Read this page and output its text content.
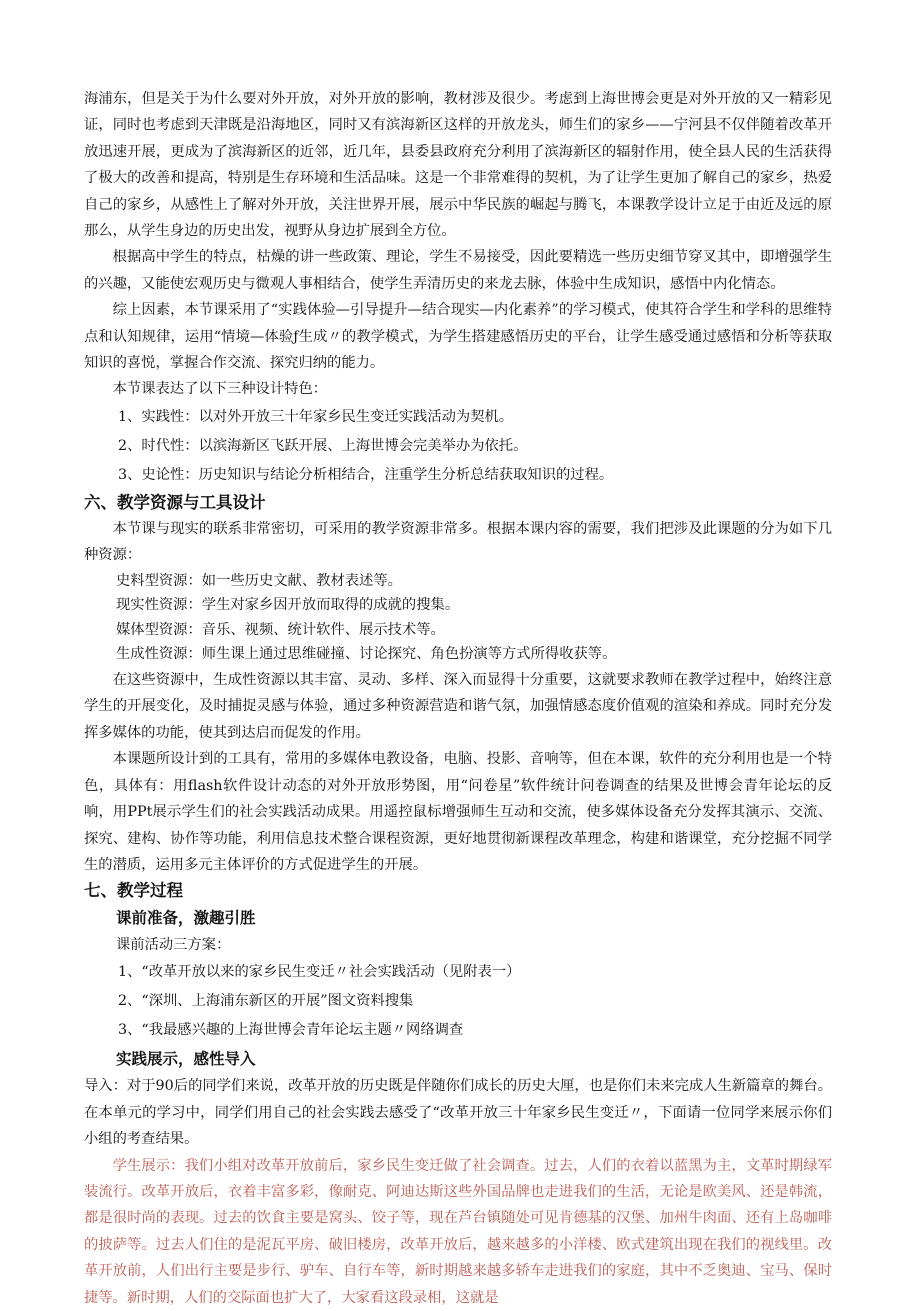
海浦东，但是关于为什么要对外开放，对外开放的影响，教材涉及很少。考虑到上海世博会更是对外开放的又一精彩见证，同时也考虑到天津既是沿海地区，同时又有滨海新区这样的开放龙头，师生们的家乡——宁河县不仅伴随着改革开放迅速开展，更成为了滨海新区的近邻，近几年，县委县政府充分利用了滨海新区的辐射作用，使全县人民的生活获得了极大的改善和提高，特别是生存环境和生活品味。这是一个非常难得的契机，为了让学生更加了解自己的家乡，热爱自己的家乡，从感性上了解对外开放，关注世界开展，展示中华民族的崛起与腾飞，本课教学设计立足于由近及远的原那么，从学生身边的历史出发，视野从身边扩展到全方位。

根据高中学生的特点，枯燥的讲一些政策、理论，学生不易接受，因此要精选一些历史细节穿叉其中，即增强学生的兴趣，又能使宏观历史与微观人事相结合，使学生弄清历史的来龙去脉，体验中生成知识，感悟中内化情态。

综上因素，本节课采用了“实践体验—引导提升—结合现实—内化素养”的学习模式，使其符合学生和学科的思维特点和认知规律，运用“情境—体验ƒ生成〃的教学模式，为学生搭建感悟历史的平台，让学生感受通过感悟和分析等获取知识的喜悦，掌握合作交流、探究归纳的能力。

本节课表达了以下三种设计特色：

1、实践性：以对外开放三十年家乡民生变迁实践活动为契机。

2、时代性：以滨海新区飞跃开展、上海世博会完美举办为依托。

3、史论性：历史知识与结论分析相结合，注重学生分析总结获取知识的过程。

六、教学资源与工具设计

本节课与现实的联系非常密切，可采用的教学资源非常多。根据本课内容的需要，我们把涉及此课题的分为如下几种资源：

史料型资源：如一些历史文献、教材表述等。

现实性资源：学生对家乡因开放而取得的成就的搜集。

媒体型资源：音乐、视频、统计软件、展示技术等。

生成性资源：师生课上通过思维碰撞、讨论探究、角色扮演等方式所得收获等。

在这些资源中，生成性资源以其丰富、灵动、多样、深入而显得十分重要，这就要求教师在教学过程中，始终注意学生的开展变化，及时捕捉灵感与体验，通过多种资源营造和谐气氛，加强情感态度价值观的渲染和养成。同时充分发挥多媒体的功能，使其到达启而促发的作用。

本课题所设计到的工具有，常用的多媒体电教设备，电脑、投影、音响等，但在本课，软件的充分利用也是一个特色，具体有：用flash软件设计动态的对外开放形势图，用“问卷星”软件统计问卷调查的结果及世博会青年论坛的反响，用PPt展示学生们的社会实践活动成果。用遥控鼠标增强师生互动和交流，使多媒体设备充分发挥其演示、交流、探究、建构、协作等功能，利用信息技术整合课程资源，更好地贯彻新课程改革理念，构建和谐课堂，充分挖掘不同学生的潜质，运用多元主体评价的方式促进学生的开展。

七、教学过程

课前准备，激趣引胜

课前活动三方案：

1、“改革开放以来的家乡民生变迁〃社会实践活动（见附表一）

2、“深圳、上海浦东新区的开展”图文资料搜集

3、“我最感兴趣的上海世博会青年论坛主题〃网络调查

实践展示，感性导入

导入：对于90后的同学们来说，改革开放的历史既是伴随你们成长的历史大厘，也是你们未来完成人生新篇章的舞台。在本单元的学习中，同学们用自己的社会实践去感受了“改革开放三十年家乡民生变迁〃，下面请一位同学来展示你们小组的考查结果。

学生展示：我们小组对改革开放前后，家乡民生变迁做了社会调查。过去，人们的衣着以蓝黑为主，文革时期绿军装流行。改革开放后，衣着丰富多彩，像耐克、阿迪达斯这些外国品牌也走进我们的生活，无论是欧美风、还是韩流，都是很时尚的表现。过去的饮食主要是窝头、饺子等，现在芦台镇随处可见肯德基的汉堡、加州牛肉面、还有上岛咖啡的披萨等。过去人们住的是泥瓦平房、破旧楼房，改革开放后，越来越多的小洋楼、欧式建筑出现在我们的视线里。改革开放前，人们出行主要是步行、驴车、自行车等，新时期越来越多轿车走进我们的家庭，其中不乏奥迪、宝马、保时捷等。新时期，人们的交际面也扩大了，大家看这段录相，这就是
